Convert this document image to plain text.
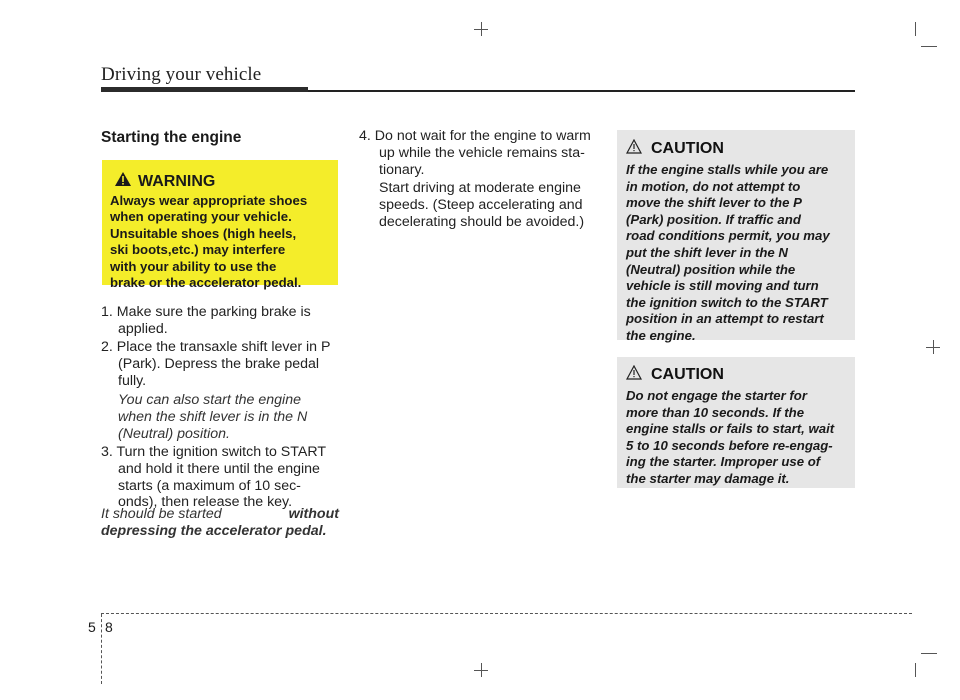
Driving your vehicle
Starting the engine
WARNING
Always wear appropriate shoes
when operating your vehicle.
Unsuitable shoes (high heels,
ski boots,etc.) may interfere
with your ability to use the
brake or the accelerator pedal.
1. Make sure the parking brake is
applied.
2. Place the transaxle shift lever in P
(Park). Depress the brake pedal
fully.
You can also start the engine
when the shift lever is in the N
(Neutral) position.
3. Turn the ignition switch to START
and hold it there until the engine
starts (a maximum of 10 sec-
onds), then release the key.
It should be started	without
depressing the accelerator pedal.
4. Do not wait for the engine to warm
up while the vehicle remains sta-
tionary.
Start driving at moderate engine
speeds. (Steep accelerating and
decelerating should be avoided.)
CAUTION
If the engine stalls while you are
in motion, do not attempt to
move the shift lever to the P
(Park) position. If traffic and
road conditions permit, you may
put the shift lever in the N
(Neutral) position while the
vehicle is still moving and turn
the ignition switch to the START
position in an attempt to restart
the engine.
CAUTION
Do not engage the starter for
more than 10 seconds. If the
engine stalls or fails to start, wait
5 to 10 seconds before re-engag-
ing the starter. Improper use of
the starter may damage it.
5 8
